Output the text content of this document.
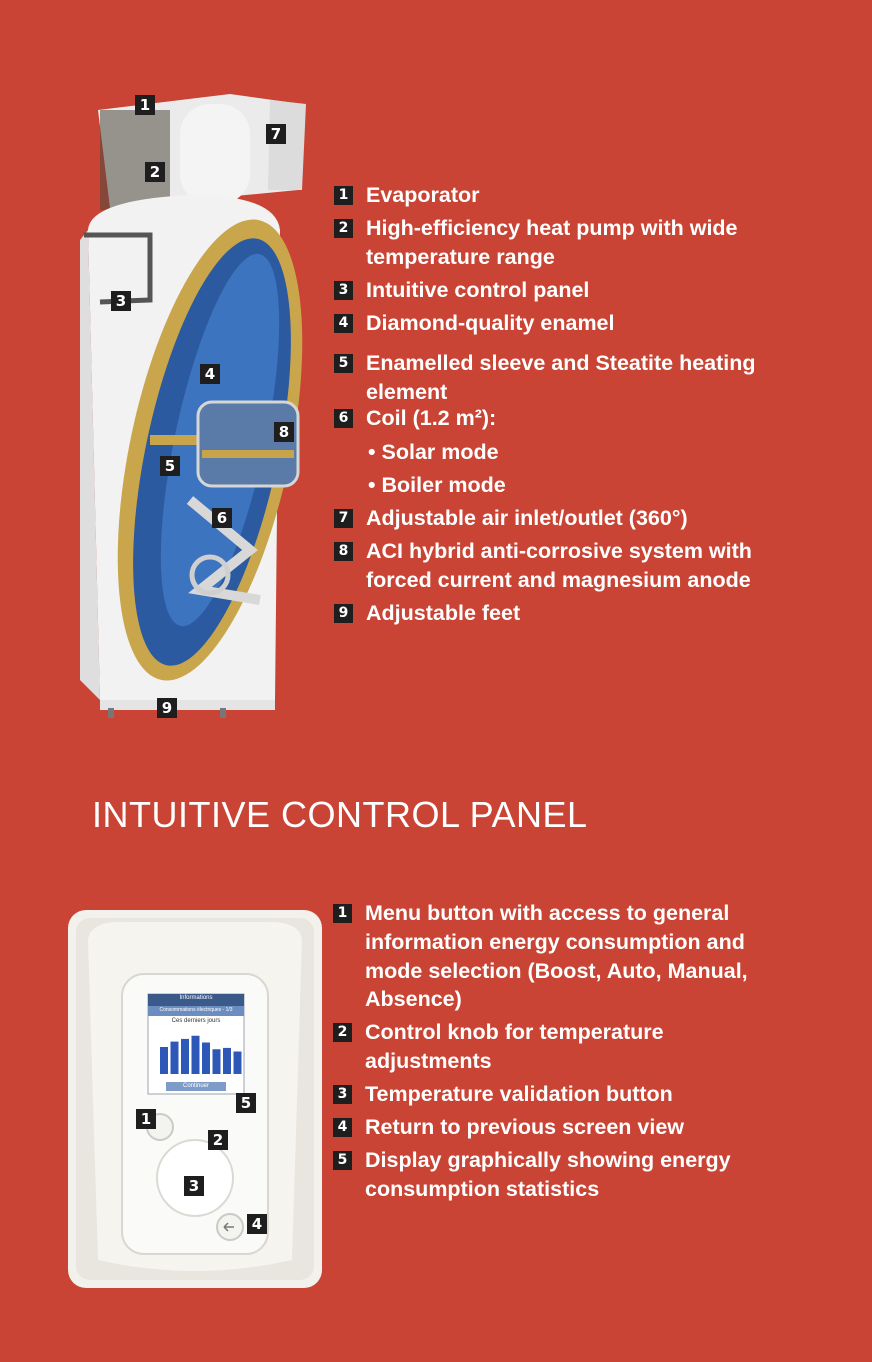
1
2
3
4
5
6
7
8
9
1 Evaporator
2 High-efficiency heat pump with wide
temperature range
3 Intuitive control panel
4 Diamond-quality enamel
5 Enamelled sleeve and Steatite heating
element
6 Coil (1.2 m²):
• Solar mode
• Boiler mode
7 Adjustable air inlet/outlet (360°)
8 ACI hybrid anti-corrosive system with
forced current and magnesium anode
9 Adjustable feet
INTUITIVE CONTROL PANEL
Informations
Consommations électriques - 1/3
Ces derniers jours
Continuer
1
2
3
4
5
1 Menu button with access to general
information energy consumption and
mode selection (Boost, Auto, Manual,
Absence)
2 Control knob for temperature
adjustments
3 Temperature validation button
4 Return to previous screen view
5 Display graphically showing energy
consumption statistics
